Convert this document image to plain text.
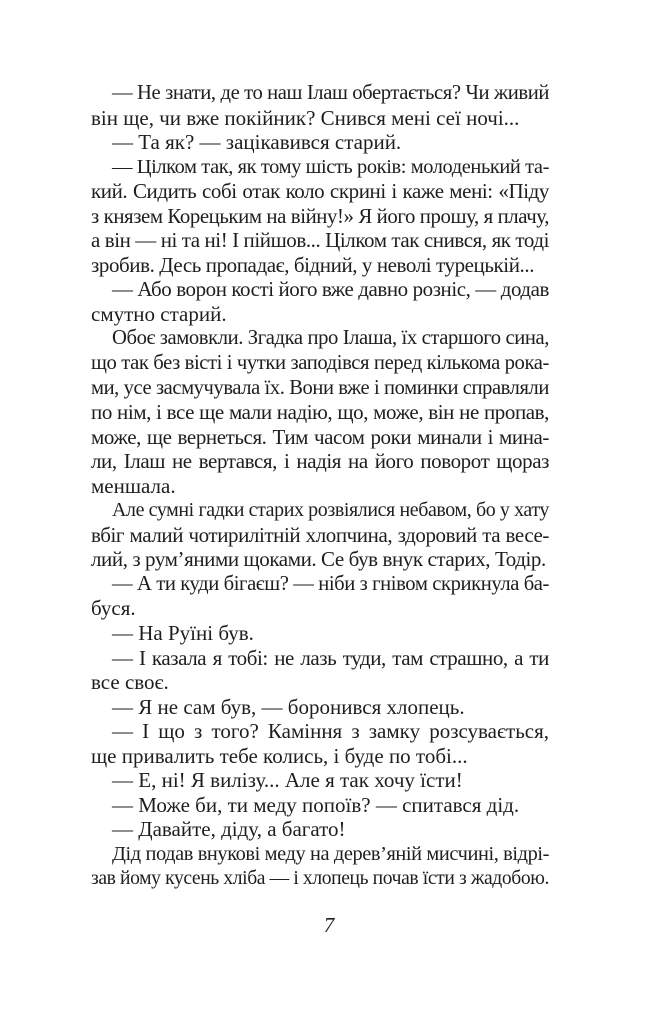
— Не знати, де то наш Ілаш обертається? Чи живий
він ще, чи вже покійник? Снився мені сеї ночі...
— Та як? — зацікавився старий.
— Цілком так, як тому шість років: молоденький та-
кий. Сидить собі отак коло скрині і каже мені: «Піду
з князем Корецьким на війну!» Я його прошу, я плачу,
а він — ні та ні! І пійшов... Цілком так снився, як тоді
зробив. Десь пропадає, бідний, у неволі турецькій...
— Або ворон кості його вже давно розніс, — додав
смутно старий.
Обоє замовкли. Згадка про Ілаша, їх старшого сина,
що так без вісті і чутки заподівся перед кількома рока-
ми, усе засмучувала їх. Вони вже і поминки справляли
по нім, і все ще мали надію, що, може, він не пропав,
може, ще вернеться. Тим часом роки минали і мина-
ли, Ілаш не вертався, і надія на його поворот щораз
меншала.
Але сумні гадки старих розвіялися небавом, бо у хату
вбіг малий чотирилітній хлопчина, здоровий та весе-
лий, з рум’яними щоками. Се був внук старих, Тодір.
— А ти куди бігаєш? — ніби з гнівом скрикнула ба-
буся.
— На Руїні був.
— І казала я тобі: не лазь туди, там страшно, а ти
все своє.
— Я не сам був, — боронився хлопець.
— І що з того? Каміння з замку розсувається,
ще привалить тебе колись, і буде по тобі...
— Е, ні! Я вилізу... Але я так хочу їсти!
— Може би, ти меду попоїв? — спитався дід.
— Давайте, діду, а багато!
Дід подав внукові меду на дерев’яній мисчині, відрі-
зав йому кусень хліба — і хлопець почав їсти з жадобою.
7
